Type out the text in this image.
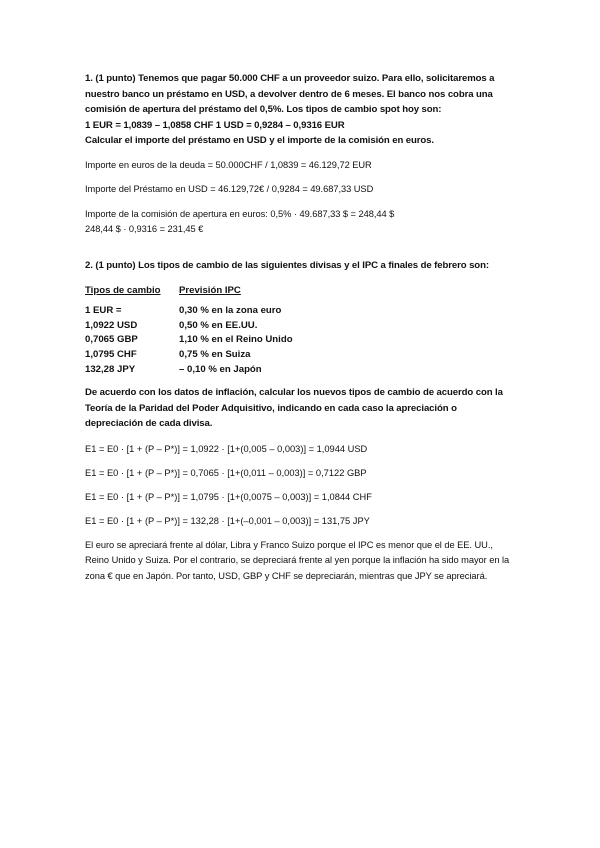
1. (1 punto) Tenemos que pagar 50.000 CHF a un proveedor suizo. Para ello, solicitaremos a nuestro banco un préstamo en USD, a devolver dentro de 6 meses. El banco nos cobra una comisión de apertura del préstamo del 0,5%. Los tipos de cambio spot hoy son:

1 EUR = 1,0839 – 1,0858 CHF 1 USD = 0,9284 – 0,9316 EUR

Calcular el importe del préstamo en USD y el importe de la comisión en euros.

Importe en euros de la deuda = 50.000CHF / 1,0839 = 46.129,72 EUR

Importe del Préstamo en USD = 46.129,72€ / 0,9284 = 49.687,33 USD

Importe de la comisión de apertura en euros: 0,5% · 49.687,33 $ = 248,44 $

248,44 $ · 0,9316 = 231,45 €

2. (1 punto) Los tipos de cambio de las siguientes divisas y el IPC a finales de febrero son:

Tipos de cambio	Previsión IPC
1 EUR =	0,30 % en la zona euro
1,0922 USD	0,50 % en EE.UU.
0,7065 GBP	1,10 % en el Reino Unido
1,0795 CHF	0,75 % en Suiza
132,28 JPY	– 0,10 % en Japón

De acuerdo con los datos de inflación, calcular los nuevos tipos de cambio de acuerdo con la Teoría de la Paridad del Poder Adquisitivo, indicando en cada caso la apreciación o depreciación de cada divisa.

E1 = E0 · [1 + (P – P*)] = 1,0922 · [1+(0,005 – 0,003)] = 1,0944 USD

E1 = E0 · [1 + (P – P*)] = 0,7065 · [1+(0,011 – 0,003)] = 0,7122 GBP

E1 = E0 · [1 + (P – P*)] = 1,0795 · [1+(0,0075 – 0,003)] = 1,0844 CHF

E1 = E0 · [1 + (P – P*)] = 132,28 · [1+(–0,001 – 0,003)] = 131,75 JPY

El euro se apreciará frente al dólar, Libra y Franco Suizo porque el IPC es menor que el de EE. UU., Reino Unido y Suiza. Por el contrario, se depreciará frente al yen porque la inflación ha sido mayor en la zona € que en Japón. Por tanto, USD, GBP y CHF se depreciarán, mientras que JPY se apreciará.
